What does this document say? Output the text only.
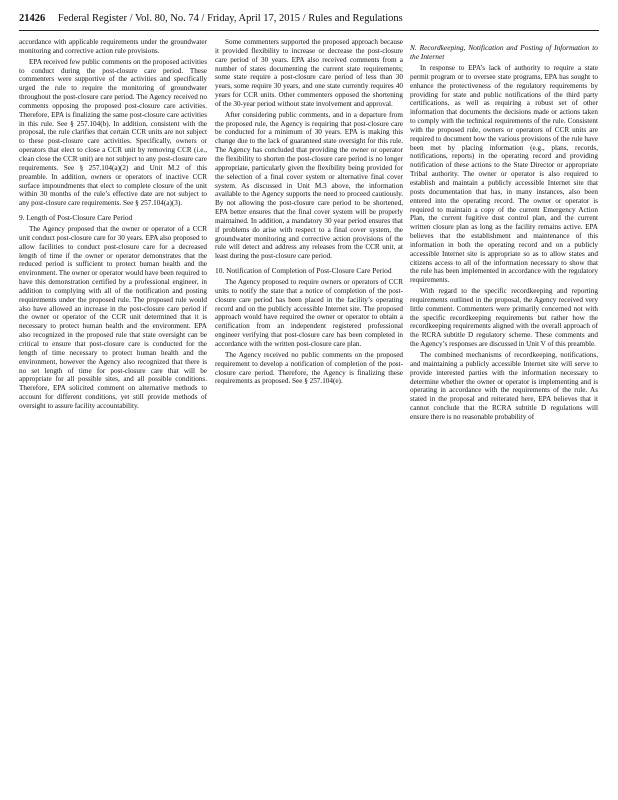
21426 Federal Register / Vol. 80, No. 74 / Friday, April 17, 2015 / Rules and Regulations

accordance with applicable requirements under the groundwater monitoring and corrective action rule provisions.

EPA received few public comments on the proposed activities to conduct during the post-closure care period. These commenters were supportive of the activities and specifically urged the rule to require the monitoring of groundwater throughout the post-closure care period. The Agency received no comments opposing the proposed post-closure care activities. Therefore, EPA is finalizing the same post-closure care activities in this rule. See § 257.104(b). In addition, consistent with the proposal, the rule clarifies that certain CCR units are not subject to these post-closure care activities. Specifically, owners or operators that elect to close a CCR unit by removing CCR (i.e., clean close the CCR unit) are not subject to any post-closure care requirements. See § 257.104(a)(2) and Unit M.2 of this preamble. In addition, owners or operators of inactive CCR surface impoundments that elect to complete closure of the unit within 30 months of the rule’s effective date are not subject to any post-closure care requirements. See § 257.104(a)(3).

9. Length of Post-Closure Care Period

The Agency proposed that the owner or operator of a CCR unit conduct post-closure care for 30 years. EPA also proposed to allow facilities to conduct post-closure care for a decreased length of time if the owner or operator demonstrates that the reduced period is sufficient to protect human health and the environment. The owner or operator would have been required to have this demonstration certified by a professional engineer, in addition to complying with all of the notification and posting requirements under the proposed rule. The proposed rule would also have allowed an increase in the post-closure care period if the owner or operator of the CCR unit determined that it is necessary to protect human health and the environment. EPA also recognized in the proposed rule that state oversight can be critical to ensure that post-closure care is conducted for the length of time necessary to protect human health and the environment, however the Agency also recognized that there is no set length of time for post-closure care that will be appropriate for all possible sites, and all possible conditions. Therefore, EPA solicited comment on alternative methods to account for different conditions, yet still provide methods of oversight to assure facility accountability.

Some commenters supported the proposed approach because it provided flexibility to increase or decrease the post-closure care period of 30 years. EPA also received comments from a number of states documenting the current state requirements; some state require a post-closure care period of less than 30 years, some require 30 years, and one state currently requires 40 years for CCR units. Other commenters opposed the shortening of the 30-year period without state involvement and approval.

After considering public comments, and in a departure from the proposed rule, the Agency is requiring that post-closure care be conducted for a minimum of 30 years. EPA is making this change due to the lack of guaranteed state oversight for this rule. The Agency has concluded that providing the owner or operator the flexibility to shorten the post-closure care period is no longer appropriate, particularly given the flexibility being provided for the selection of a final cover system or alternative final cover system. As discussed in Unit M.3 above, the information available to the Agency supports the need to proceed cautiously. By not allowing the post-closure care period to be shortened, EPA better ensures that the final cover system will be properly maintained. In addition, a mandatory 30 year period ensures that if problems do arise with respect to a final cover system, the groundwater monitoring and corrective action provisions of the rule will detect and address any releases from the CCR unit, at least during the post-closure care period.

10. Notification of Completion of Post-Closure Care Period

The Agency proposed to require owners or operators of CCR units to notify the state that a notice of completion of the post-closure care period has been placed in the facility’s operating record and on the publicly accessible Internet site. The proposed approach would have required the owner or operator to obtain a certification from an independent registered professional engineer verifying that post-closure care has been completed in accordance with the written post-closure care plan.

The Agency received no public comments on the proposed requirement to develop a notification of completion of the post-closure care period. Therefore, the Agency is finalizing these requirements as proposed. See § 257.104(e).

N. Recordkeeping, Notification and Posting of Information to the Internet

In response to EPA’s lack of authority to require a state permit program or to oversee state programs, EPA has sought to enhance the protectiveness of the regulatory requirements by providing for state and public notifications of the third party certifications, as well as requiring a robust set of other information that documents the decisions made or actions taken to comply with the technical requirements of the rule. Consistent with the proposed rule, owners or operators of CCR units are required to document how the various provisions of the rule have been met by placing information (e.g., plans, records, notifications, reports) in the operating record and providing notification of these actions to the State Director or appropriate Tribal authority. The owner or operator is also required to establish and maintain a publicly accessible Internet site that posts documentation that has, in many instances, also been entered into the operating record. The owner or operator is required to maintain a copy of the current Emergency Action Plan, the current fugitive dust control plan, and the current written closure plan as long as the facility remains active. EPA believes that the establishment and maintenance of this information in both the operating record and on a publicly accessible Internet site is appropriate so as to allow states and citizens access to all of the information necessary to show that the rule has been implemented in accordance with the regulatory requirements.

With regard to the specific recordkeeping and reporting requirements outlined in the proposal, the Agency received very little comment. Commenters were primarily concerned not with the specific recordkeeping requirements but rather how the recordkeeping requirements aligned with the overall approach of the RCRA subtitle D regulatory scheme. These comments and the Agency’s responses are discussed in Unit V of this preamble.

The combined mechanisms of recordkeeping, notifications, and maintaining a publicly accessible Internet site will serve to provide interested parties with the information necessary to determine whether the owner or operator is implementing and is operating in accordance with the requirements of the rule. As stated in the proposal and reiterated here, EPA believes that it cannot conclude that the RCRA subtitle D regulations will ensure there is no reasonable probability of
